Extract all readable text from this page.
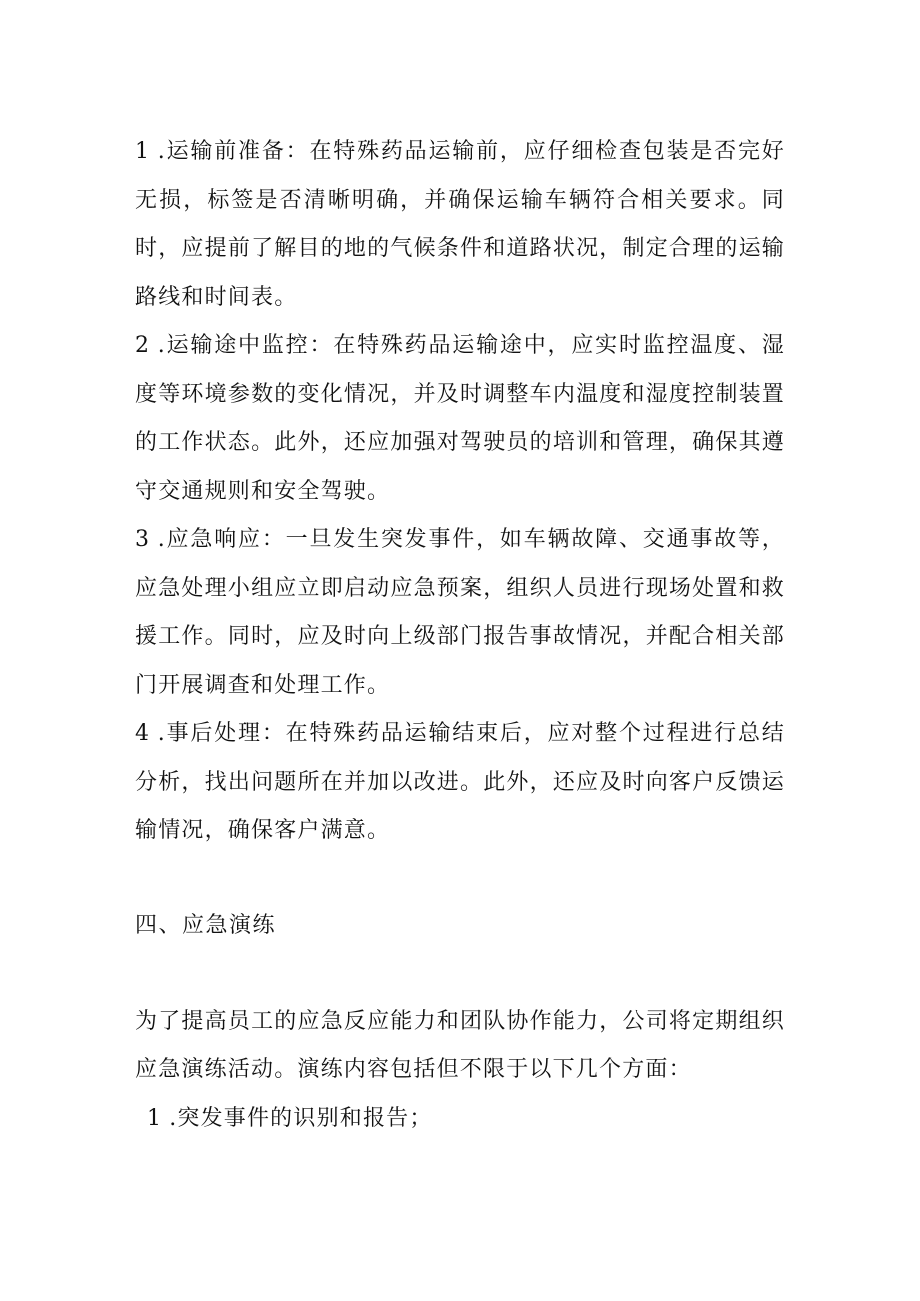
1 .运输前准备：在特殊药品运输前，应仔细检查包装是否完好无损，标签是否清晰明确，并确保运输车辆符合相关要求。同时，应提前了解目的地的气候条件和道路状况，制定合理的运输路线和时间表。

2 .运输途中监控：在特殊药品运输途中，应实时监控温度、湿度等环境参数的变化情况，并及时调整车内温度和湿度控制装置的工作状态。此外，还应加强对驾驶员的培训和管理，确保其遵守交通规则和安全驾驶。

3 .应急响应：一旦发生突发事件，如车辆故障、交通事故等，应急处理小组应立即启动应急预案，组织人员进行现场处置和救援工作。同时，应及时向上级部门报告事故情况，并配合相关部门开展调查和处理工作。

4 .事后处理：在特殊药品运输结束后，应对整个过程进行总结分析，找出问题所在并加以改进。此外，还应及时向客户反馈运输情况，确保客户满意。

四、应急演练

为了提高员工的应急反应能力和团队协作能力，公司将定期组织应急演练活动。演练内容包括但不限于以下几个方面：

1 .突发事件的识别和报告；
